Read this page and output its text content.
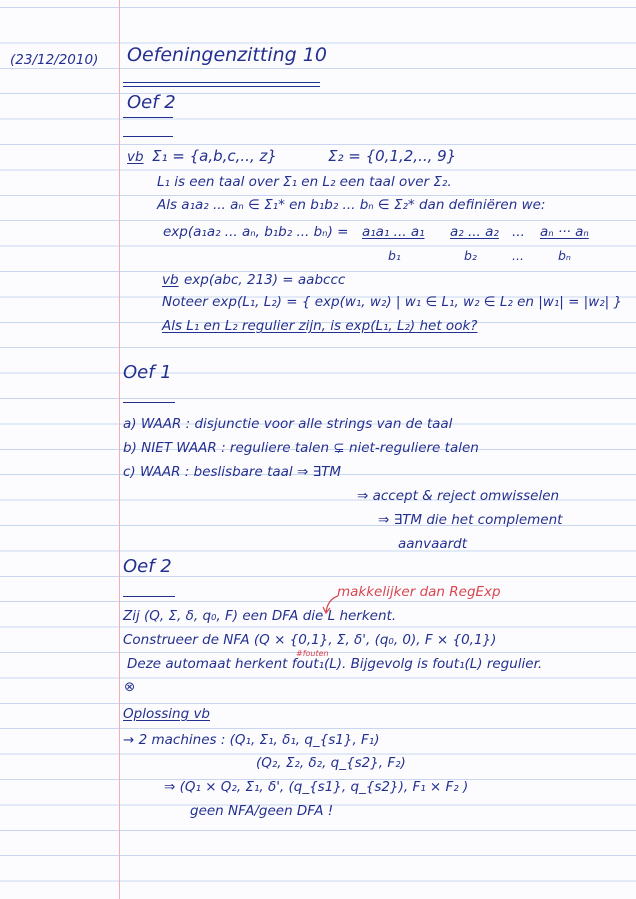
(23/12/2010) Oefeningenzitting 10
Oef 2
vb Σ₁ = {a,b,c,.., z}	Σ₂ = {0,1,2,.., 9}
L₁ is een taal over Σ₁ en L₂ een taal over Σ₂.
Als a₁a₂ ... aₙ ∈ Σ₁* en b₁b₂ ... bₙ ∈ Σ₂* dan definiëren we:
exp(a₁a₂ ... aₙ, b₁b₂ ... bₙ) = a₁a₁ ... a₁ a₂ ... a₂ ... aₙ ··· aₙ
b₁	b₂	...	bₙ
vb exp(abc, 213) = aabccc
Noteer exp(L₁, L₂) = { exp(w₁, w₂) | w₁ ∈ L₁, w₂ ∈ L₂ en |w₁| = |w₂| }
Als L₁ en L₂ regulier zijn, is exp(L₁, L₂) het ook?
Oef 1
a) WAAR : disjunctie voor alle strings van de taal
b) NIET WAAR : reguliere talen ⊊ niet-reguliere talen
c) WAAR : beslisbare taal ⇒ ∃TM
⇒ accept & reject omwisselen
⇒ ∃TM die het complement
aanvaardt
Oef 2
makkelijker dan RegExp
Zij (Q, Σ, δ, q₀, F) een DFA die L herkent.
Construeer de NFA (Q × {0,1}, Σ, δ', (q₀, 0), F × {0,1})
#fouten
Deze automaat herkent fout₁(L). Bijgevolg is fout₁(L) regulier.
⊗
Oplossing vb
→ 2 machines : (Q₁, Σ₁, δ₁, q_{s1}, F₁)
(Q₂, Σ₂, δ₂, q_{s2}, F₂)
⇒ (Q₁ × Q₂, Σ₁, δ', (q_{s1}, q_{s2}), F₁ × F₂ )
geen NFA/geen DFA !
